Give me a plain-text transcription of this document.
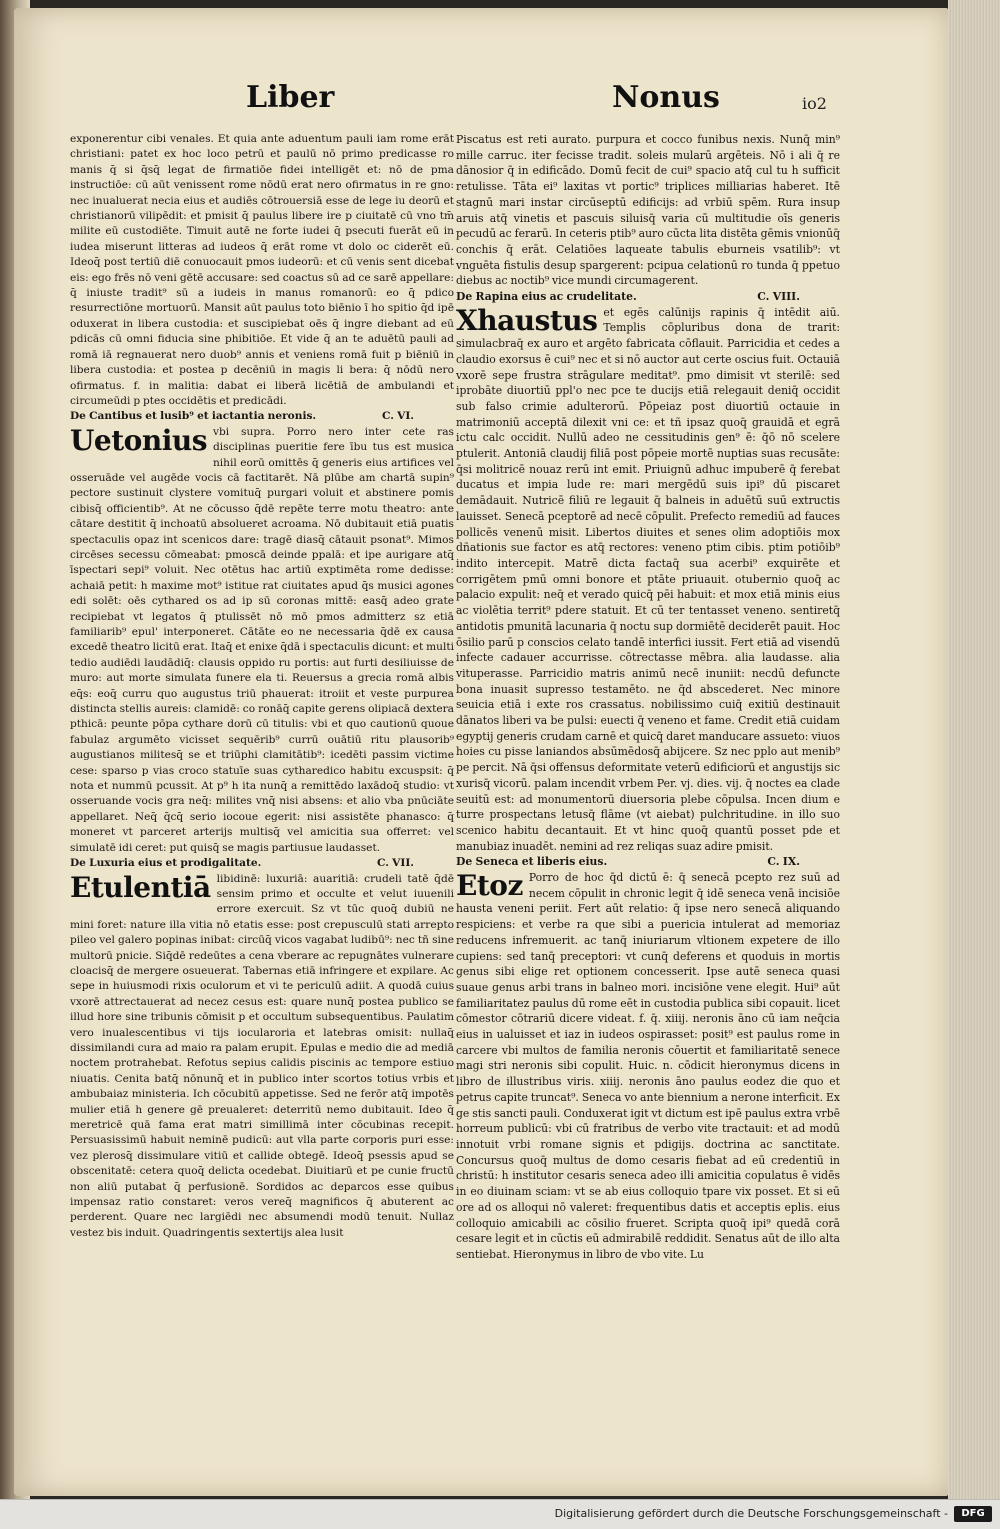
Liber	Nonus	io2

exponerentur cibi venales. Et quia ante aduentum pauli iam rome erāt christiani: patet ex hoc loco petrū et paulū nō primo predicasse ro manis q̄ si q̄sq̄ legat de firmatiōe fidei intelligēt et: nō de pma instructiōe: cū aūt venissent rome nōdū erat nero ofirmatus in re gno: nec inualuerat necia eius et audiēs cōtrouersiā esse de lege iu deorū et christianorū vilipēdit: et pmisit q̄ paulus libere ire p ciuitatē cū vno tm̄ milite eū custodiēte. Timuit autē ne forte iudei q̄ psecuti fuerāt eū in iudea miserunt litteras ad iudeos q̄ erāt rome vt dolo oc ciderēt eū. Ideoq̄ post tertiū diē conuocauit pmos iudeorū: et cū venis sent dicebat eis: ego frēs nō veni gētē accusare: sed coactus sū ad ce sarē appellare: q̄ iniuste tradit⁹ sū a iudeis in manus romanorū: eo q̄ pdico resurrectiōne mortuorū. Mansit aūt paulus toto biēnio ī ho spitio q̄d ipē oduxerat in libera custodia: et suscipiebat oēs q̄ ingre diebant ad eū pdicās cū omni fiducia sine phibitiōe. Et vide q̄ an te aduētū pauli ad romā iā regnauerat nero duob⁹ annis et veniens romā fuit p biēniū in libera custodia: et postea p decēniū in magis li bera: q̄ nōdū nero ofirmatus. f. in malitia: dabat ei liberā licētiā de ambulandi et circumeūdi p ptes occidētis et predicādi.

De Cantibus et lusib⁹ et iactantia neronis.	C. VI.

Uetonius vbi supra. Porro nero inter cete ras disciplinas pueritie fere ību tus est musica nihil eorū omittēs q̄ generis eius artifices vel osseruāde vel augēde vocis cā factitarēt. Nā plūbe am chartā supin⁹ pectore sustinuit clystere vomituq̄ purgari voluit et abstinere pomis cibisq̄ officientib⁹. At ne cōcusso q̄dē repēte terre motu theatro: ante cātare destitit q̄ inchoatū absolueret acroama. Nō dubitauit etiā puatis spectaculis opaz int scenicos dare: tragē diasq̄ cātauit psonat⁹. Mimos circēses secessu cōmeabat: pmoscā deinde ppalā: et ipe aurigare atq̄ īspectari sepi⁹ voluit. Nec otētus hac artiū exptimēta rome dedisse: achaiā petit: h maxime mot⁹ istitue rat ciuitates apud q̄s musici agones edi solēt: oēs cythared os ad ip sū coronas mittē: easq̄ adeo grate recipiebat vt legatos q̄ ptulissēt nō mō pmos admitterz sz etiā familiarib⁹ epul' interponeret. Cātāte eo ne necessaria q̄dē ex causa excedē theatro licitū erat. Itaq̄ et enixe q̄dā i spectaculis dicunt: et multi tedio audiēdi laudādiq̄: clausis oppido ru portis: aut furti desiliuisse de muro: aut morte simulata funere ela ti. Reuersus a grecia romā albis eq̄s: eoq̄ curru quo augustus triū phauerat: itroiit et veste purpurea distincta stellis aureis: clamidē: co ronāq̄ capite gerens olipiacā dextera pthicā: peunte pōpa cythare dorū cū titulis: vbi et quo cautionū quoue fabulaz argumēto vicisset sequērib⁹ currū ouātiū ritu plausorib⁹ augustianos militesq̄ se et triūphi clamitātib⁹: icedēti passim victime cese: sparso p vias croco statuīe suas cytharedico habitu excuspsit: q̄ nota et nummū pcussit. At p⁹ h ita nunq̄ a remittēdo laxādoq̄ studio: vt osseruande vocis gra neq̄: milites vnq̄ nisi absens: et alio vba pnūciāte appellaret. Neq̄ q̄cq̄ serio iocoue egerit: nisi assistēte phanasco: q̄ moneret vt parceret arterijs multisq̄ vel amicitia sua offerret: vel simulatē idi ceret: put quisq̄ se magis partiusue laudasset.

De Luxuria eius et prodigalitate.	C. VII.

Etulentiā libidinē: luxuriā: auaritiā: crudeli tatē q̄dē sensim primo et occulte et velut iuuenili errore exercuit. Sz vt tūc quoq̄ dubiū ne mini foret: nature illa vitia nō etatis esse: post crepusculū stati arrepto pileo vel galero popinas inibat: circūq̄ vicos vagabat ludibū⁹: nec tñ sine multorū pnicie. Siq̄dē redeūtes a cena vberare ac repugnātes vulnerare cloacisq̄ de mergere osueuerat. Tabernas etiā infringere et expilare. Ac sepe in huiusmodi rixis oculorum et vi te periculū adiit. A quodā cuius vxorē attrectauerat ad necez cesus est: quare nunq̄ postea publico se illud hore sine tribunis cōmisit p et occultum subsequentibus. Paulatim vero inualescentibus vi tijs iocularoria et latebras omisit: nullaq̄ dissimilandi cura ad maio ra palam erupit. Epulas e medio die ad mediā noctem protrahebat. Refotus sepius calidis piscinis ac tempore estiuo niuatis. Cenita batq̄ nōnunq̄ et in publico inter scortos totius vrbis et ambubaiaz ministeria. Ich cōcubitū appetisse. Sed ne ferōr atq̄ impotēs mulier etiā h genere gē preualeret: deterritū nemo dubitauit. Ideo q̄ meretricē quā fama erat matri simillimā inter cōcubinas recepit. Persuasissimū habuit neminē pudicū: aut vlla parte corporis puri esse: vez plerosq̄ dissimulare vitiū et callide obtegē. Ideoq̄ psessis apud se obscenitatē: cetera quoq̄ delicta ocedebat. Diuitiarū et pe cunie fructū non aliū putabat q̄ perfusionē. Sordidos ac deparcos esse quibus impensaz ratio constaret: veros vereq̄ magnificos q̄ abuterent ac perderent. Quare nec largiēdi nec absumendi modū tenuit. Nullaz vestez bis induit. Quadringentis sextertijs alea lusit

Piscatus est reti aurato. purpura et cocco funibus nexis. Nunq̄ min⁹ mille carruc. iter fecisse tradit. soleis mularū argēteis. Nō i ali q̄ re dānosior q̄ in edificādo. Domū fecit de cui⁹ spacio atq̄ cul tu h sufficit retulisse. Tāta ei⁹ laxitas vt portic⁹ triplices milliarias haberet. Itē stagnū mari instar circūseptū edificijs: ad vrbiū spēm. Rura insup aruis atq̄ vinetis et pascuis siluisq̄ varia cū multitudie oīs generis pecudū ac ferarū. In ceteris ptib⁹ auro cūcta lita distēta gēmis vnionūq̄ conchis q̄ erāt. Celatiōes laqueate tabulis eburneis vsatilib⁹: vt vnguēta fistulis desup spargerent: pcipua celationū ro tunda q̄ ppetuo diebus ac noctib⁹ vice mundi circumagerent.

De Rapina eius ac crudelitate.	C. VIII.

Xhaustus et egēs calūnijs rapinis q̄ intēdit aiū. Templis cōpluribus dona de trarit: simulacbraq̄ ex auro et argēto fabricata cōflauit. Parricidia et cedes a claudio exorsus ē cui⁹ nec et si nō auctor aut certe oscius fuit. Octauiā vxorē sepe frustra strāgulare meditat⁹. pmo dimisit vt sterilē: sed iprobāte diuortiū ppl'o nec pce te ducijs etiā relegauit deniq̄ occidit sub falso crimie adulterorū. Pōpeiaz post diuortiū octauie in matrimoniū acceptā dilexit vni ce: et tñ ipsaz quoq̄ grauidā et egrā ictu calc occidit. Nullū adeo ne cessitudinis gen⁹ ē: q̄ō nō scelere ptulerit. Antoniā claudij filiā post pōpeie mortē nuptias suas recusāte: q̄si molitricē nouaz rerū int emit. Priuignū adhuc impuberē q̄ ferebat ducatus et impia lude re: mari mergēdū suis ipi⁹ dū piscaret demādauit. Nutricē filiū re legauit q̄ balneis in aduētū suū extructis lauisset. Senecā pceptorē ad necē cōpulit. Prefecto remediū ad fauces pollicēs venenū misit. Libertos diuites et senes olim adoptiōis mox dñationis sue factor es atq̄ rectores: veneno ptim cibis. ptim potiōib⁹ indito intercepit. Matrē dicta factaq̄ sua acerbi⁹ exquirēte et corrigētem pmū omni bonore et ptāte priuauit. otubernio quoq̄ ac palacio expulit: neq̄ et verado quicq̄ pēi habuit: et mox etiā minis eius ac violētia territ⁹ pdere statuit. Et cū ter tentasset veneno. sentiretq̄ antidotis pmunitā lacunaria q̄ noctu sup dormiētē deciderēt pauit. Hoc ōsilio parū p conscios celato tandē interfici iussit. Fert etiā ad visendū infecte cadauer accurrisse. cōtrectasse mēbra. alia laudasse. alia vituperasse. Parricidio matris animū necē inuniit: necdū defuncte bona inuasit supresso testamēto. ne q̄d abscederet. Nec minore seuicia etiā i exte ros crassatus. nobilissimo cuiq̄ exitiū destinauit dānatos liberi va be pulsi: euecti q̄ veneno et fame. Credit etiā cuidam egyptij generis crudam carnē et quicq̄ daret manducare assueto: viuos hoies cu pisse laniandos absūmēdosq̄ abijcere. Sz nec pplo aut menib⁹ pe percit. Nā q̄si offensus deformitate veterū edificiorū et angustijs sic xurisq̄ vicorū. palam incendit vrbem Per. vj. dies. vij. q̄ noctes ea clade seuitū est: ad monumentorū diuersoria plebe cōpulsa. Incen dium e turre prospectans letusq̄ flāme (vt aiebat) pulchritudine. in illo suo scenico habitu decantauit. Et vt hinc quoq̄ quantū posset pde et manubiaz inuadēt. nemini ad rez reliqas suaz adire pmisit.

De Seneca et liberis eius.	C. IX.

Etoz Porro de hoc q̄d dictū ē: q̄ senecā pcepto rez suū ad necem cōpulit in chronic legit q̄ idē seneca venā incisiōe hausta veneni periit. Fert aūt relatio: q̄ ipse nero senecā aliquando respiciens: et verbe ra que sibi a puericia intulerat ad memoriaz reducens infremuerit. ac tanq̄ iniuriarum vltionem expetere de illo cupiens: sed tanq̄ preceptori: vt cunq̄ deferens et quoduis in mortis genus sibi elige ret optionem concesserit. Ipse autē seneca quasi suaue genus arbi trans in balneo mori. incisiōne vene elegit. Hui⁹ aūt familiaritatez paulus dū rome eēt in custodia publica sibi copauit. licet cōmestor cōtrariū dicere videat. f. q̄. xiiij. neronis āno cū iam neq̄cia eius in ualuisset et iaz in iudeos ospirasset: posit⁹ est paulus rome in carcere vbi multos de familia neronis cōuertit et familiaritatē senece magi stri neronis sibi copulit. Huic. n. cōdicit hieronymus dicens in libro de illustribus viris. xiiij. neronis āno paulus eodez die quo et petrus capite truncat⁹. Seneca vo ante biennium a nerone interficit. Ex ge stis sancti pauli. Conduxerat igit vt dictum est ipē paulus extra vrbē horreum publicū: vbi cū fratribus de verbo vite tractauit: et ad modū innotuit vrbi romane signis et pdigijs. doctrina ac sanctitate. Concursus quoq̄ multus de domo cesaris fiebat ad eū credentiū in christū: h institutor cesaris seneca adeo illi amicitia copulatus ē vidēs in eo diuinam sciam: vt se ab eius colloquio tpare vix posset. Et si eū ore ad os alloqui nō valeret: frequentibus datis et acceptis eplis. eius colloquio amicabili ac cōsilio frueret. Scripta quoq̄ ipi⁹ quedā corā cesare legit et in cūctis eū admirabilē reddidit. Senatus aūt de illo alta sentiebat. Hieronymus in libro de vbo vite. Lu

Digitalisierung gefördert durch die Deutsche Forschungsgemeinschaft -	DFG
